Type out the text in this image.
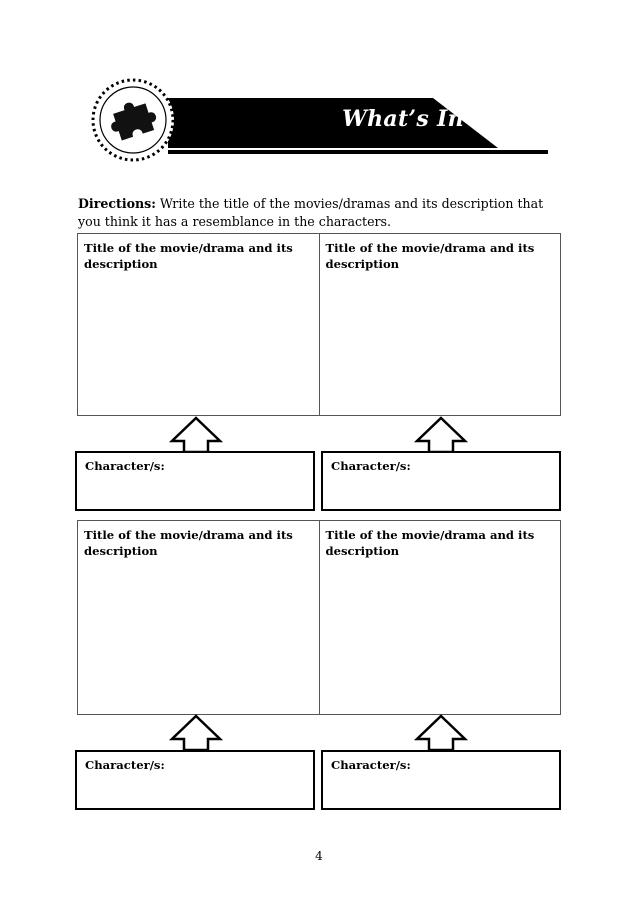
What’s In
Directions: Write the title of the movies/dramas and its description that you think it has a resemblance in the characters.
Title of the movie/drama and its description
Title of the movie/drama and its description
Character/s:	Character/s:
Title of the movie/drama and its description
Title of the movie/drama and its description
Character/s:	Character/s:
4
